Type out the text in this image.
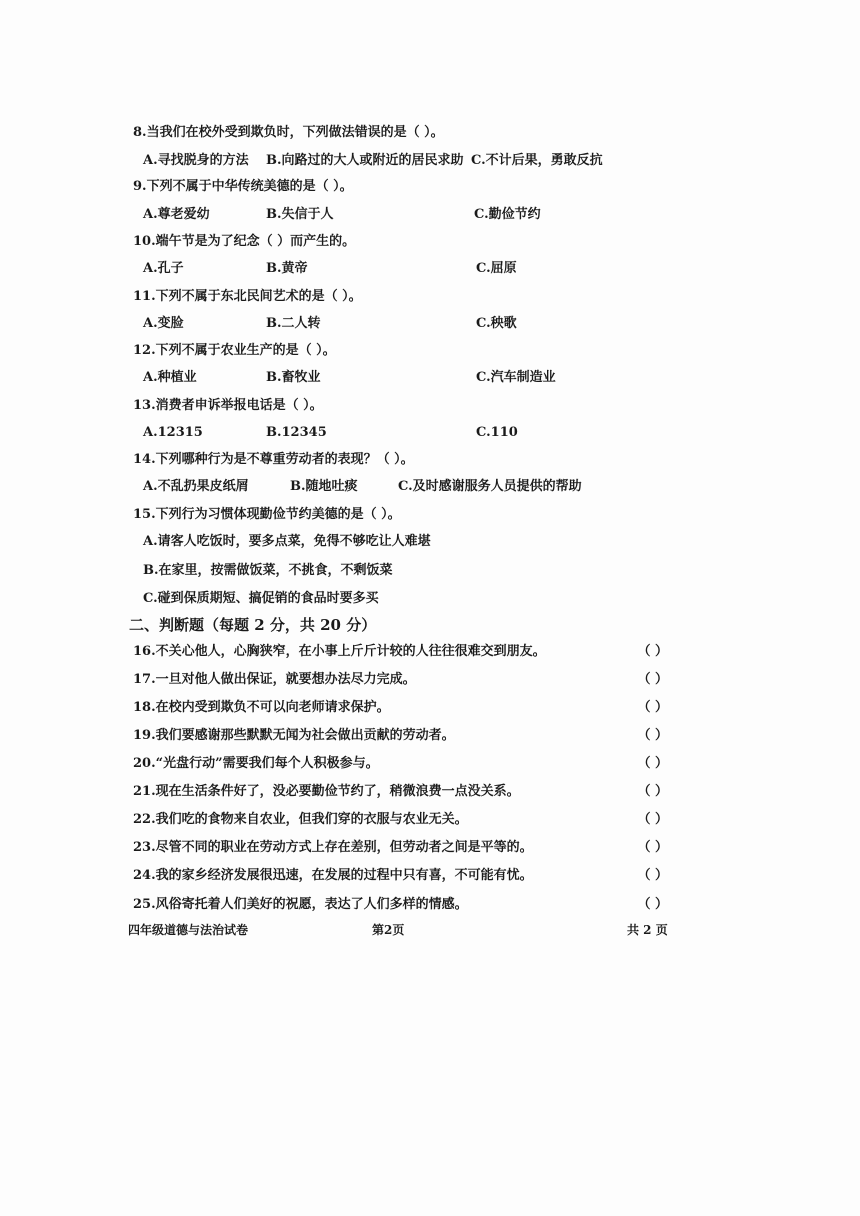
8.当我们在校外受到欺负时，下列做法错误的是（ ）。
A.寻找脱身的方法 B.向路过的大人或附近的居民求助 C.不计后果，勇敢反抗
9.下列不属于中华传统美德的是（ ）。
A.尊老爱幼	B.失信于人	C.勤俭节约
10.端午节是为了纪念（ ）而产生的。
A.孔子	B.黄帝	C.屈原
11.下列不属于东北民间艺术的是（ ）。
A.变脸	B.二人转	C.秧歌
12.下列不属于农业生产的是（ ）。
A.种植业	B.畜牧业	C.汽车制造业
13.消费者申诉举报电话是（ ）。
A.12315	B.12345	C.110
14.下列哪种行为是不尊重劳动者的表现？（ ）。
A.不乱扔果皮纸屑	B.随地吐痰	C.及时感谢服务人员提供的帮助
15.下列行为习惯体现勤俭节约美德的是（ ）。
A.请客人吃饭时，要多点菜，免得不够吃让人难堪
B.在家里，按需做饭菜，不挑食，不剩饭菜
C.碰到保质期短、搞促销的食品时要多买
二、判断题（每题 2 分，共 20 分）
16.不关心他人，心胸狭窄，在小事上斤斤计较的人往往很难交到朋友。	（ ）
17.一旦对他人做出保证，就要想办法尽力完成。	（ ）
18.在校内受到欺负不可以向老师请求保护。	（ ）
19.我们要感谢那些默默无闻为社会做出贡献的劳动者。	（ ）
20.“光盘行动”需要我们每个人积极参与。	（ ）
21.现在生活条件好了，没必要勤俭节约了，稍微浪费一点没关系。	（ ）
22.我们吃的食物来自农业，但我们穿的衣服与农业无关。	（ ）
23.尽管不同的职业在劳动方式上存在差别，但劳动者之间是平等的。	（ ）
24.我的家乡经济发展很迅速，在发展的过程中只有喜，不可能有忧。	（ ）
25.风俗寄托着人们美好的祝愿，表达了人们多样的情感。	（ ）
四年级道德与法治试卷	第2页	共 2 页
